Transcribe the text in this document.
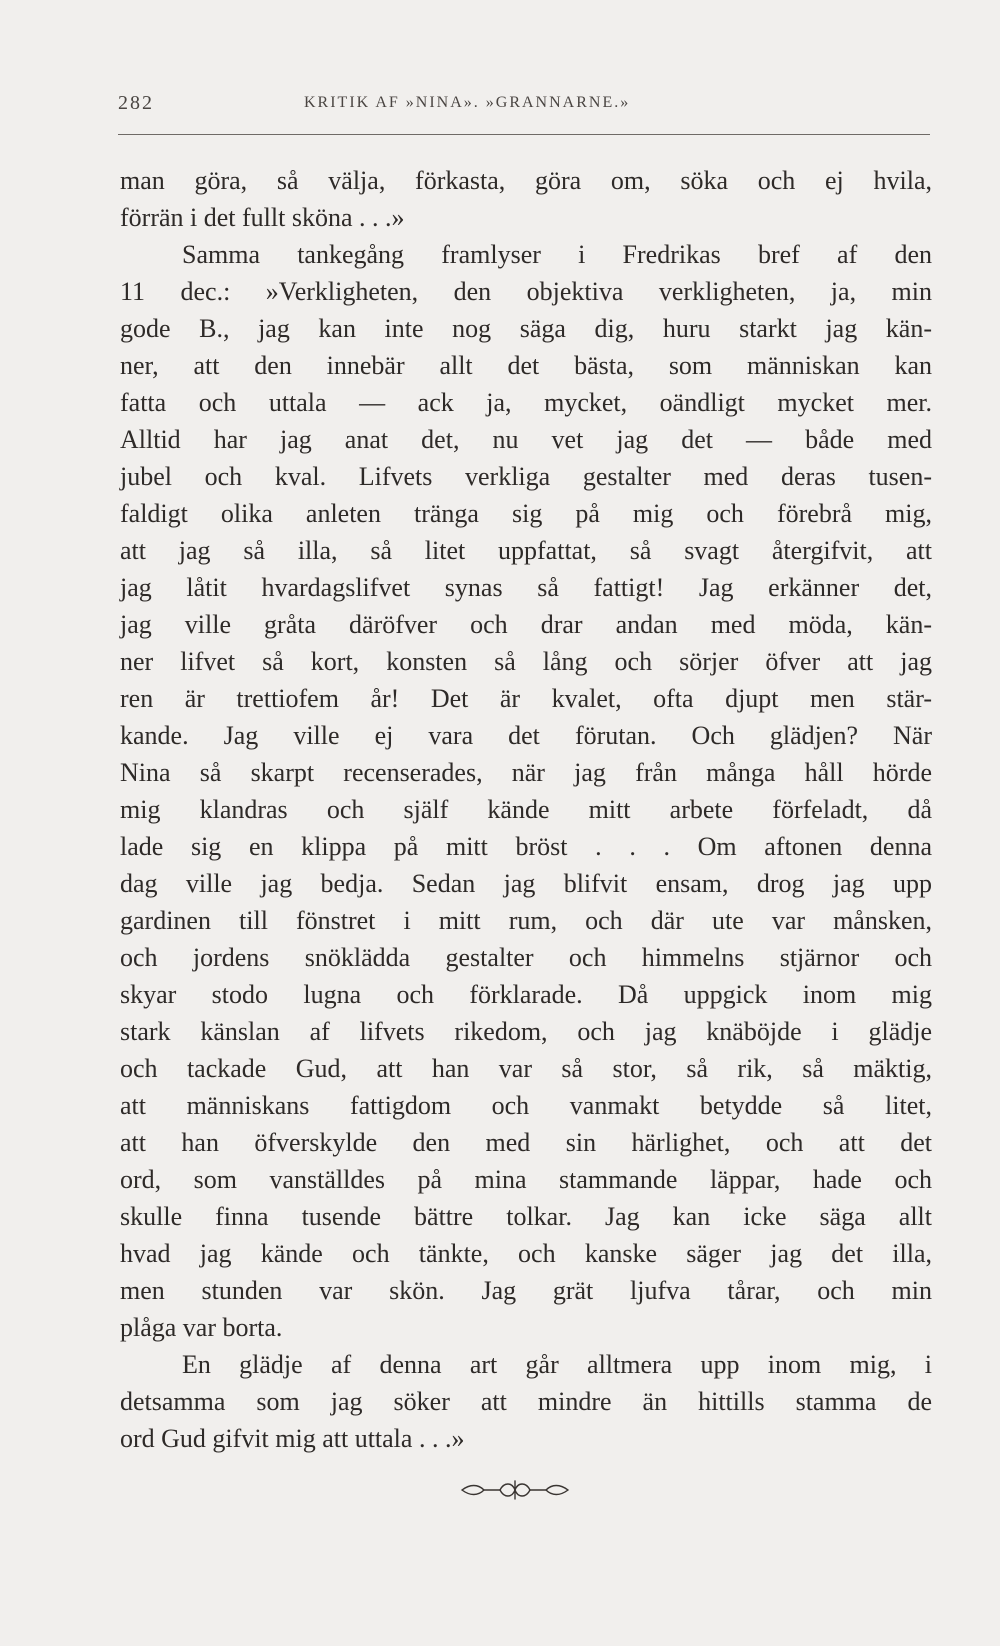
282	KRITIK AF »NINA». »GRANNARNE.»
man göra, så välja, förkasta, göra om, söka och ej hvila,
förrän i det fullt sköna . . .»
Samma tankegång framlyser i Fredrikas bref af den
11 dec.: »Verkligheten, den objektiva verkligheten, ja, min
gode B., jag kan inte nog säga dig, huru starkt jag kän-
ner, att den innebär allt det bästa, som människan kan
fatta och uttala — ack ja, mycket, oändligt mycket mer.
Alltid har jag anat det, nu vet jag det — både med
jubel och kval. Lifvets verkliga gestalter med deras tusen-
faldigt olika anleten tränga sig på mig och förebrå mig,
att jag så illa, så litet uppfattat, så svagt återgifvit, att
jag låtit hvardagslifvet synas så fattigt! Jag erkänner det,
jag ville gråta däröfver och drar andan med möda, kän-
ner lifvet så kort, konsten så lång och sörjer öfver att jag
ren är trettiofem år! Det är kvalet, ofta djupt men stär-
kande. Jag ville ej vara det förutan. Och glädjen? När
Nina så skarpt recenserades, när jag från många håll hörde
mig klandras och själf kände mitt arbete förfeladt, då
lade sig en klippa på mitt bröst . . . Om aftonen denna
dag ville jag bedja. Sedan jag blifvit ensam, drog jag upp
gardinen till fönstret i mitt rum, och där ute var månsken,
och jordens snöklädda gestalter och himmelns stjärnor och
skyar stodo lugna och förklarade. Då uppgick inom mig
stark känslan af lifvets rikedom, och jag knäböjde i glädje
och tackade Gud, att han var så stor, så rik, så mäktig,
att människans fattigdom och vanmakt betydde så litet,
att han öfverskylde den med sin härlighet, och att det
ord, som vanställdes på mina stammande läppar, hade och
skulle finna tusende bättre tolkar. Jag kan icke säga allt
hvad jag kände och tänkte, och kanske säger jag det illa,
men stunden var skön. Jag grät ljufva tårar, och min
plåga var borta.
En glädje af denna art går alltmera upp inom mig, i
detsamma som jag söker att mindre än hittills stamma de
ord Gud gifvit mig att uttala . . .»
